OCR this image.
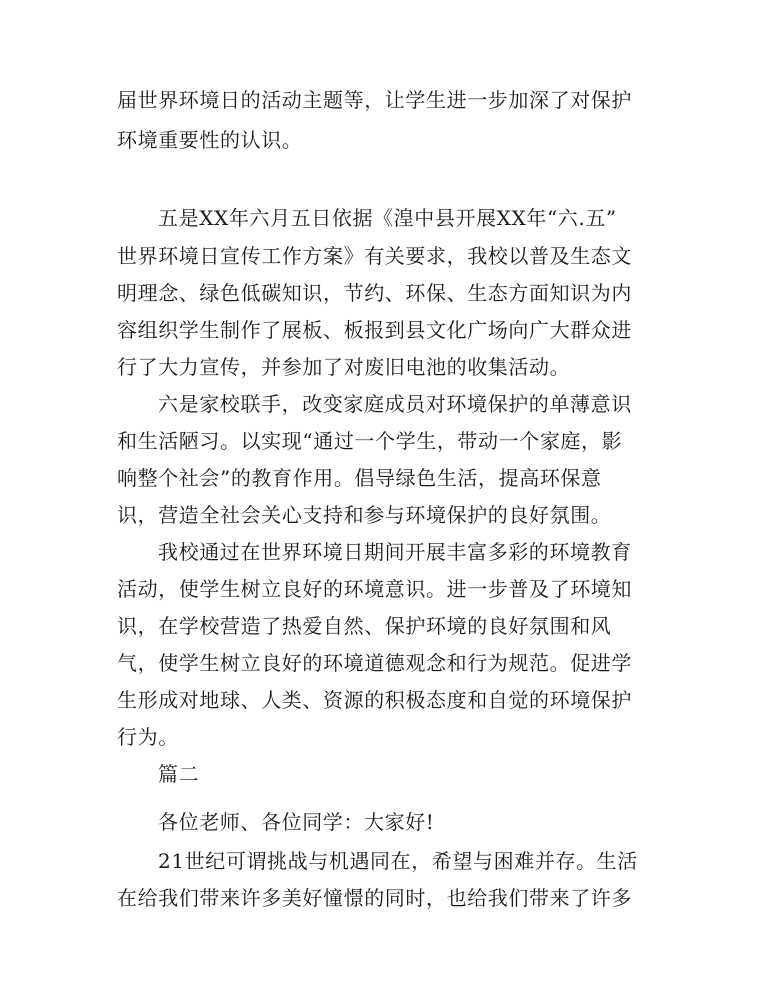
届世界环境日的活动主题等，让学生进一步加深了对保护
环境重要性的认识。
五是XX年六月五日依据《湟中县开展XX年“六.五”
世界环境日宣传工作方案》有关要求，我校以普及生态文
明理念、绿色低碳知识，节约、环保、生态方面知识为内
容组织学生制作了展板、板报到县文化广场向广大群众进
行了大力宣传，并参加了对废旧电池的收集活动。
六是家校联手，改变家庭成员对环境保护的单薄意识
和生活陋习。以实现“通过一个学生，带动一个家庭，影
响整个社会”的教育作用。倡导绿色生活，提高环保意
识，营造全社会关心支持和参与环境保护的良好氛围。
我校通过在世界环境日期间开展丰富多彩的环境教育
活动，使学生树立良好的环境意识。进一步普及了环境知
识，在学校营造了热爱自然、保护环境的良好氛围和风
气，使学生树立良好的环境道德观念和行为规范。促进学
生形成对地球、人类、资源的积极态度和自觉的环境保护
行为。
篇二
各位老师、各位同学：大家好!
21世纪可谓挑战与机遇同在，希望与困难并存。生活
在给我们带来许多美好憧憬的同时，也给我们带来了许多
